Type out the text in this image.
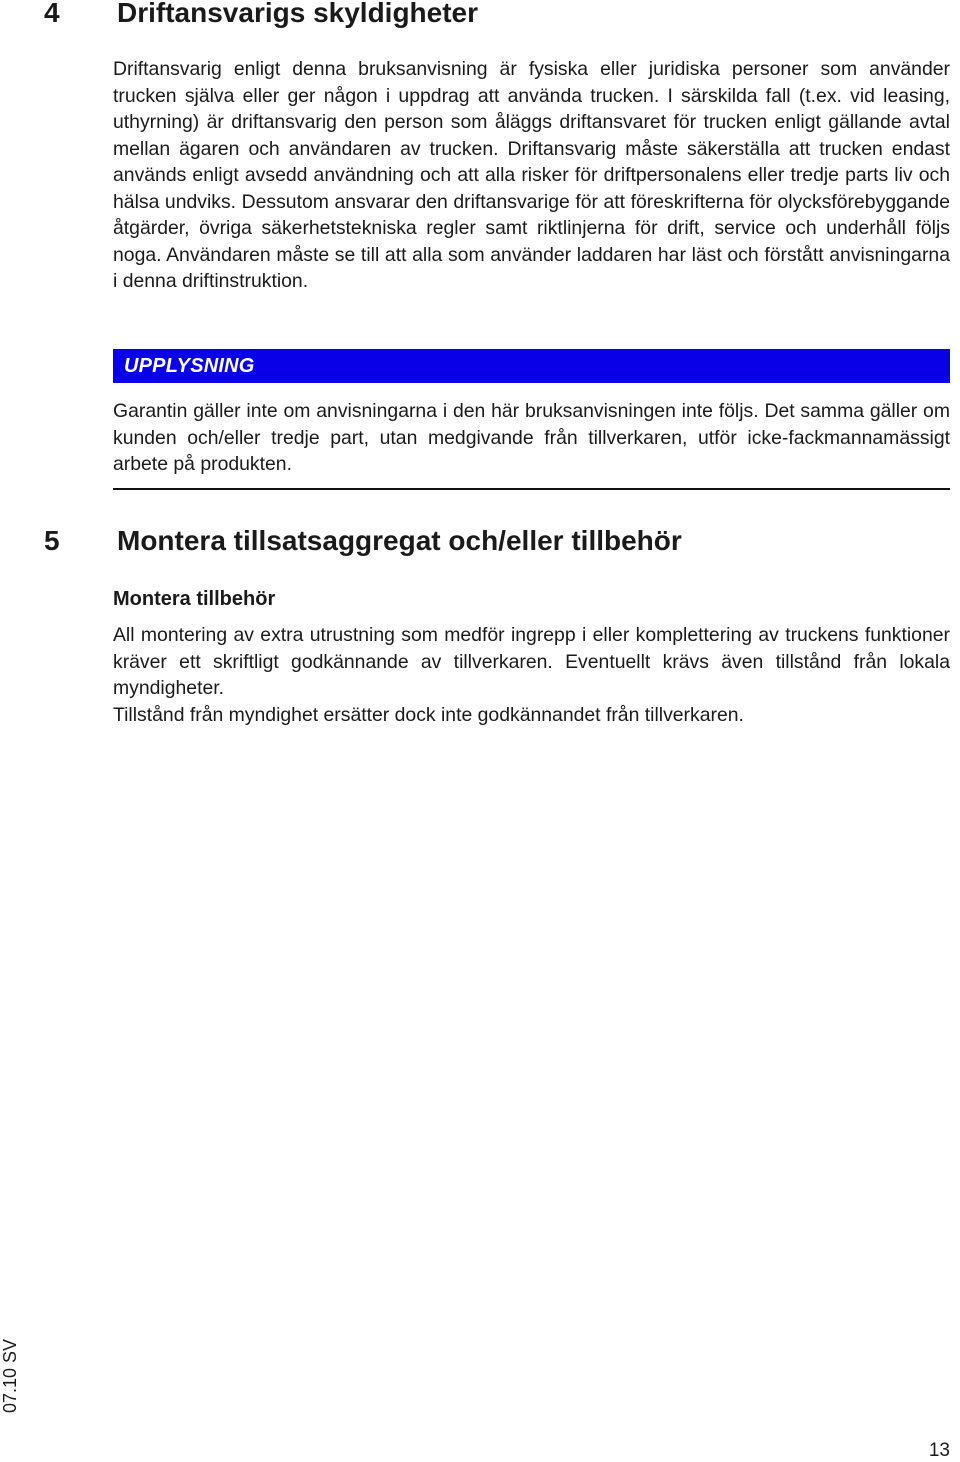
4 Driftansvarigs skyldigheter

Driftansvarig enligt denna bruksanvisning är fysiska eller juridiska personer som använder trucken själva eller ger någon i uppdrag att använda trucken. I särskilda fall (t.ex. vid leasing, uthyrning) är driftansvarig den person som åläggs driftansvaret för trucken enligt gällande avtal mellan ägaren och användaren av trucken. Driftansvarig måste säkerställa att trucken endast används enligt avsedd användning och att alla risker för driftpersonalens eller tredje parts liv och hälsa undviks. Dessutom ansvarar den driftansvarige för att föreskrifterna för olycksförebyggande åtgärder, övriga säkerhetstekniska regler samt riktlinjerna för drift, service och underhåll följs noga. Användaren måste se till att alla som använder laddaren har läst och förstått anvisningarna i denna driftinstruktion.

UPPLYSNING

Garantin gäller inte om anvisningarna i den här bruksanvisningen inte följs. Det samma gäller om kunden och/eller tredje part, utan medgivande från tillverkaren, utför icke-fackmannamässigt arbete på produkten.

5 Montera tillsatsaggregat och/eller tillbehör
Montera tillbehör

All montering av extra utrustning som medför ingrepp i eller komplettering av truckens funktioner kräver ett skriftligt godkännande av tillverkaren. Eventuellt krävs även tillstånd från lokala myndigheter.

Tillstånd från myndighet ersätter dock inte godkännandet från tillverkaren.

07.10 SV
13
